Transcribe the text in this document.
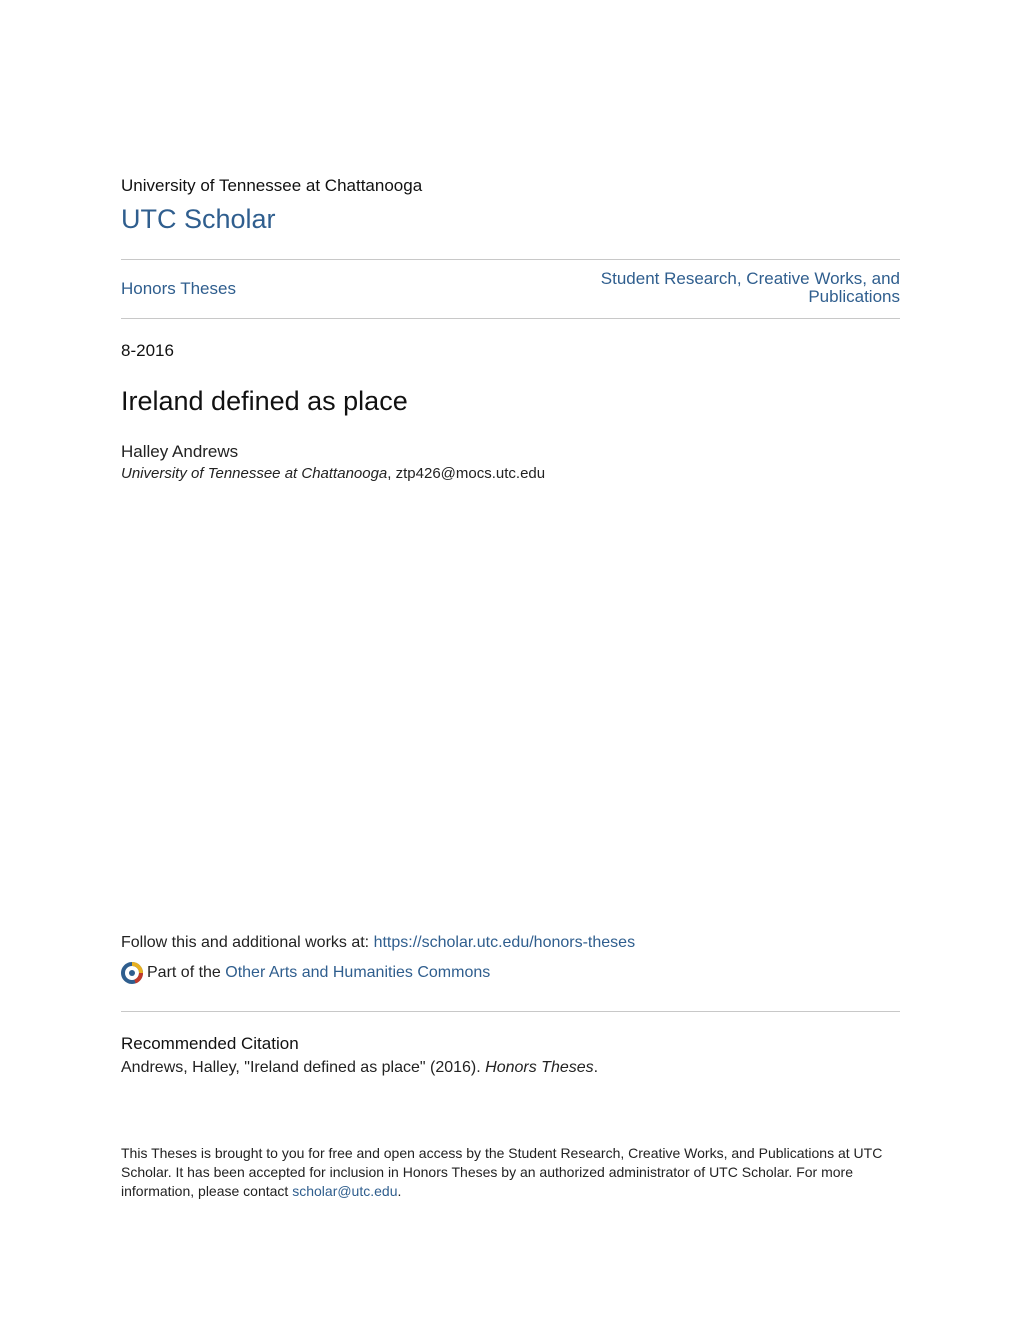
University of Tennessee at Chattanooga
UTC Scholar
Honors Theses
Student Research, Creative Works, and Publications
8-2016
Ireland defined as place
Halley Andrews
University of Tennessee at Chattanooga, ztp426@mocs.utc.edu
Follow this and additional works at: https://scholar.utc.edu/honors-theses
Part of the Other Arts and Humanities Commons
Recommended Citation
Andrews, Halley, "Ireland defined as place" (2016). Honors Theses.
This Theses is brought to you for free and open access by the Student Research, Creative Works, and Publications at UTC Scholar. It has been accepted for inclusion in Honors Theses by an authorized administrator of UTC Scholar. For more information, please contact scholar@utc.edu.
